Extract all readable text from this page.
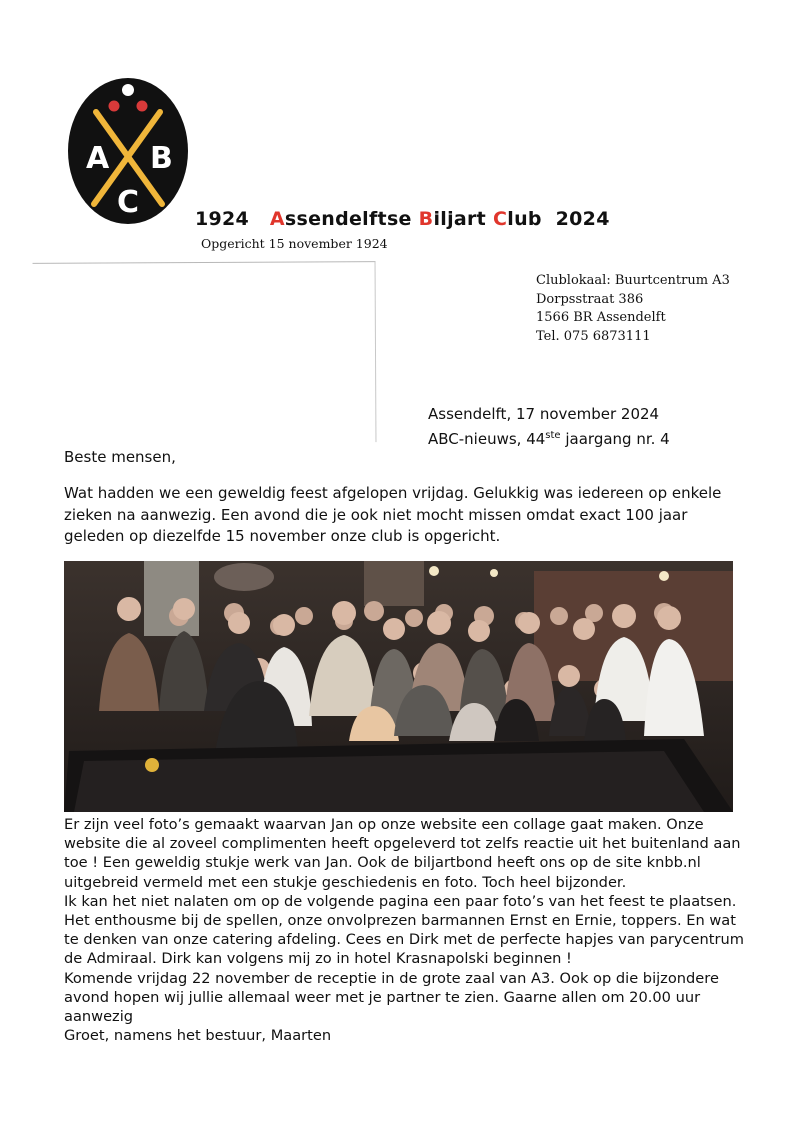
A B
C	1924 Assendelftse Biljart Club 2024
Opgericht 15 november 1924
Clublokaal: Buurtcentrum A3
Dorpsstraat 386
1566 BR Assendelft
Tel. 075 6873111
Assendelft, 17 november 2024
ABC-nieuws, 44ste jaargang nr. 4
Beste mensen,

Wat hadden we een geweldig feest afgelopen vrijdag. Gelukkig was iedereen op enkele zieken na aanwezig. Een avond die je ook niet mocht missen omdat exact 100 jaar geleden op diezelfde 15 november onze club is opgericht.

Er zijn veel foto’s gemaakt waarvan Jan op onze website een collage gaat maken. Onze website die al zoveel complimenten heeft opgeleverd tot zelfs reactie uit het buitenland aan toe ! Een geweldig stukje werk van Jan. Ook de biljartbond heeft ons op de site knbb.nl uitgebreid vermeld met een stukje geschiedenis en foto. Toch heel bijzonder.

Ik kan het niet nalaten om op de volgende pagina een paar foto’s van het feest te plaatsen. Het enthousme bij de spellen, onze onvolprezen barmannen Ernst en Ernie, toppers. En wat te denken van onze catering afdeling. Cees en Dirk met de perfecte hapjes van parycentrum de Admiraal. Dirk kan volgens mij zo in hotel Krasnapolski beginnen !

Komende vrijdag 22 november de receptie in de grote zaal van A3. Ook op die bijzondere avond hopen wij jullie allemaal weer met je partner te zien. Gaarne allen om 20.00 uur aanwezig

Groet, namens het bestuur, Maarten
